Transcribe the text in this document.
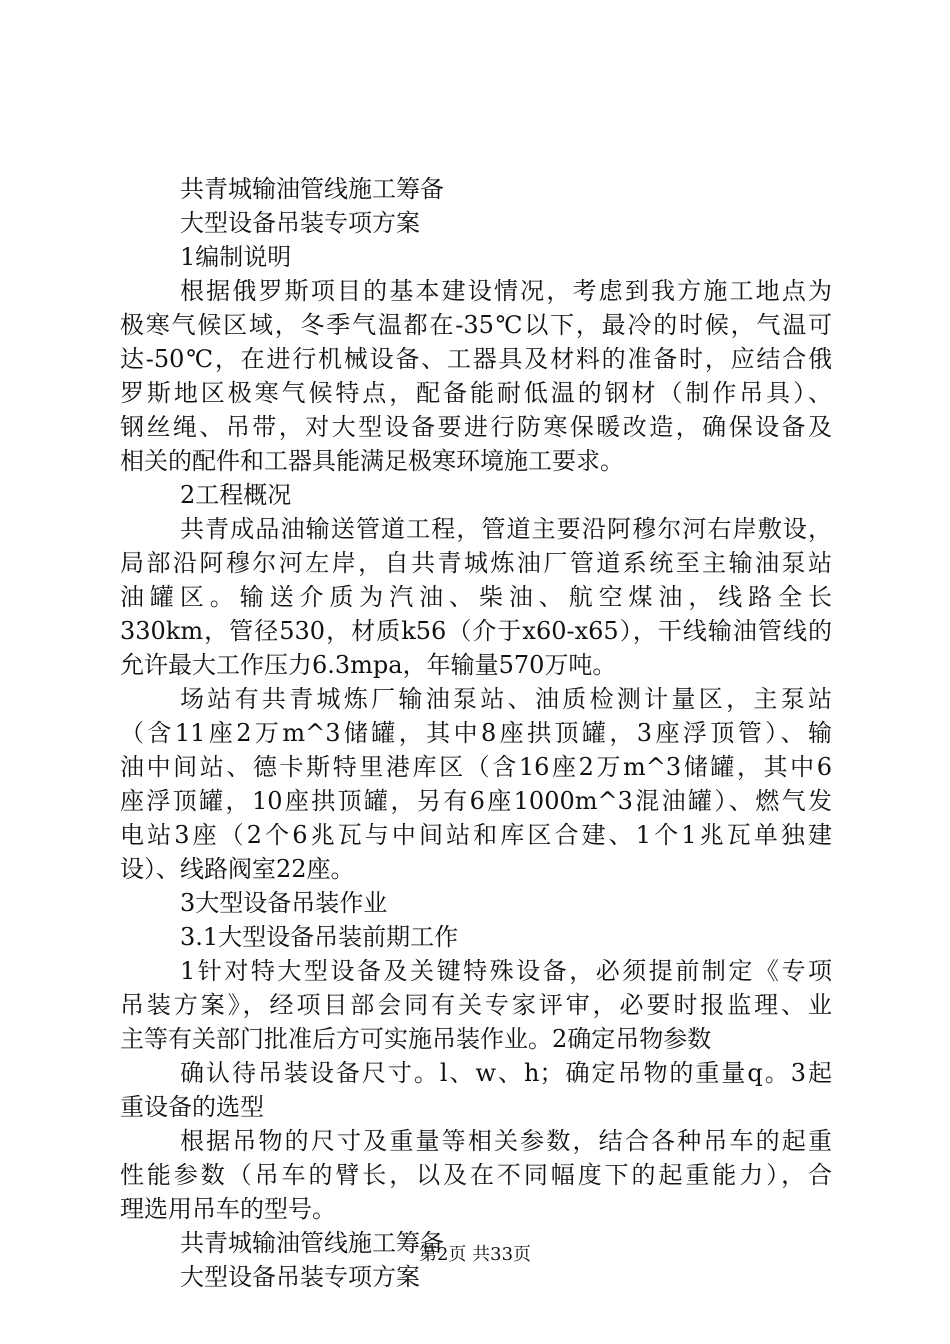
共青城输油管线施工筹备
大型设备吊装专项方案
1编制说明
根据俄罗斯项目的基本建设情况，考虑到我方施工地点为
极寒气候区域，冬季气温都在-35℃以下，最冷的时候，气温可
达-50℃，在进行机械设备、工器具及材料的准备时，应结合俄
罗斯地区极寒气候特点，配备能耐低温的钢材（制作吊具）、
钢丝绳、吊带，对大型设备要进行防寒保暖改造，确保设备及
相关的配件和工器具能满足极寒环境施工要求。
2工程概况
共青成品油输送管道工程，管道主要沿阿穆尔河右岸敷设，
局部沿阿穆尔河左岸，自共青城炼油厂管道系统至主输油泵站
油罐区。输送介质为汽油、柴油、航空煤油，线路全长
330km，管径530，材质k56（介于x60-x65），干线输油管线的
允许最大工作压力6.3mpa，年输量570万吨。
场站有共青城炼厂输油泵站、油质检测计量区，主泵站
（含11座2万m^3储罐，其中8座拱顶罐，3座浮顶管）、输
油中间站、德卡斯特里港库区（含16座2万m^3储罐，其中6
座浮顶罐，10座拱顶罐，另有6座1000m^3混油罐）、燃气发
电站3座（2个6兆瓦与中间站和库区合建、1个1兆瓦单独建
设）、线路阀室22座。
3大型设备吊装作业
3.1大型设备吊装前期工作
1针对特大型设备及关键特殊设备，必须提前制定《专项
吊装方案》，经项目部会同有关专家评审，必要时报监理、业
主等有关部门批准后方可实施吊装作业。2确定吊物参数
确认待吊装设备尺寸。l、w、h；确定吊物的重量q。3起
重设备的选型
根据吊物的尺寸及重量等相关参数，结合各种吊车的起重
性能参数（吊车的臂长，以及在不同幅度下的起重能力），合
理选用吊车的型号。
共青城输油管线施工筹备
大型设备吊装专项方案
第2页 共33页
